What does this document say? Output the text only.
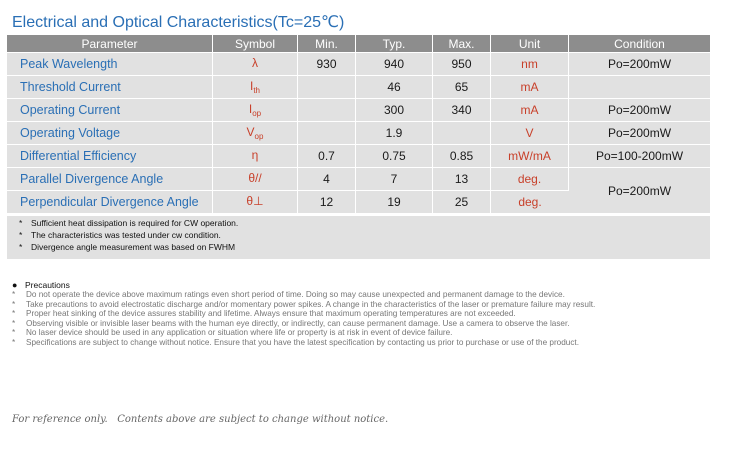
Electrical and Optical Characteristics(Tc=25℃)
Parameter	Symbol	Min.	Typ.	Max.	Unit	Condition
Peak Wavelength	λ	930	940	950	nm	Po=200mW
Threshold Current	$I_{th}$		46	65	mA	
Operating Current	$I_{op}$		300	340	mA	Po=200mW
Operating Voltage	$V_{op}$		1.9		V	Po=200mW
Differential Efficiency	η	0.7	0.75	0.85	mW/mA	Po=100-200mW
Parallel Divergence Angle	θ//	4	7	13	deg.	Po=200mW
Perpendicular Divergence Angle	θ⊥	12	19	25	deg.	
* Sufficient heat dissipation is required for CW operation.
* The characteristics was tested under cw condition.
* Divergence angle measurement was based on FWHM
● Precautions
* Do not operate the device above maximum ratings even short period of time. Doing so may cause unexpected and permanent damage to the device.
* Take precautions to avoid electrostatic discharge and/or momentary power spikes. A change in the characteristics of the laser or premature failure may result.
* Proper heat sinking of the device assures stability and lifetime. Always ensure that maximum operating temperatures are not exceeded.
* Observing visible or invisible laser beams with the human eye directly, or indirectly, can cause permanent damage. Use a camera to observe the laser.
* No laser device should be used in any application or situation where life or property is at risk in event of device failure.
* Specifications are subject to change without notice. Ensure that you have the latest specification by contacting us prior to purchase or use of the product.
For reference only.   Contents above are subject to change without notice.
